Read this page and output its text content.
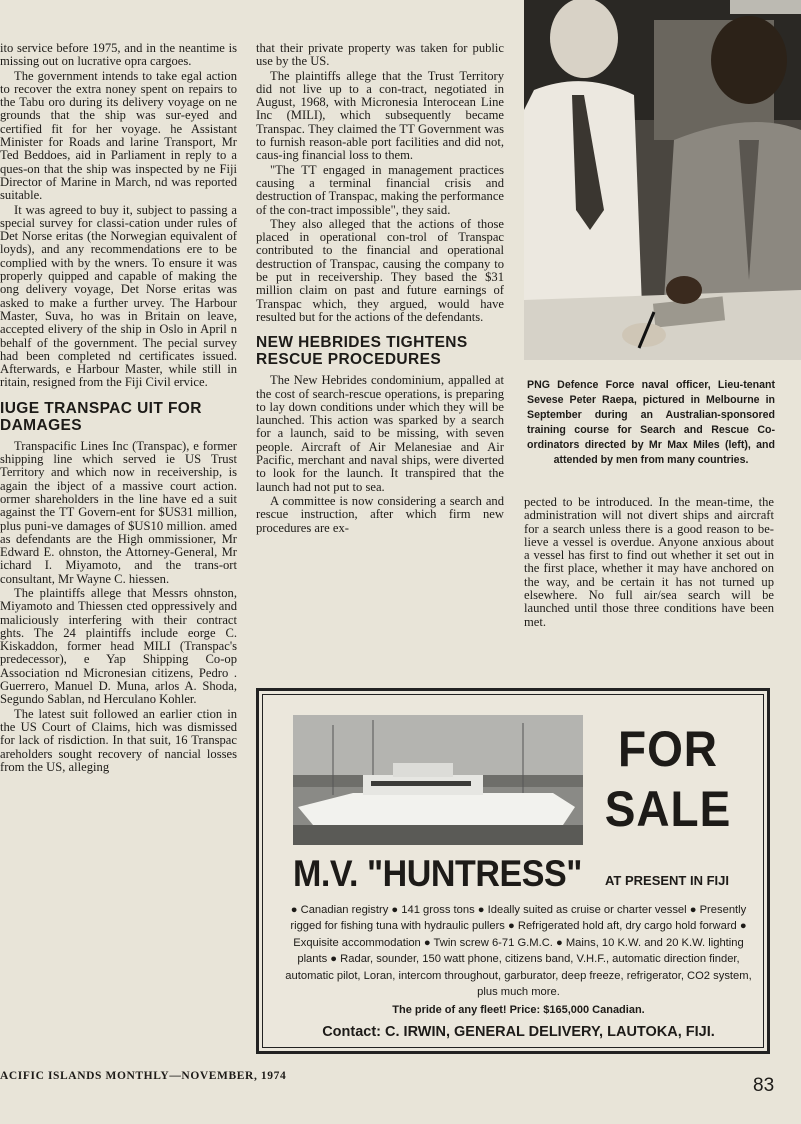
ito service before 1975, and in the neantime is missing out on lucrative opra cargoes.

The government intends to take egal action to recover the extra noney spent on repairs to the Tabu oro during its delivery voyage on ne grounds that the ship was sur-eyed and certified fit for her voyage. he Assistant Minister for Roads and larine Transport, Mr Ted Beddoes, aid in Parliament in reply to a ques-on that the ship was inspected by ne Fiji Director of Marine in March, nd was reported suitable.

It was agreed to buy it, subject to passing a special survey for classi-cation under rules of Det Norse eritas (the Norwegian equivalent of loyds), and any recommendations ere to be complied with by the wners. To ensure it was properly quipped and capable of making the ong delivery voyage, Det Norse eritas was asked to make a further urvey. The Harbour Master, Suva, ho was in Britain on leave, accepted elivery of the ship in Oslo in April n behalf of the government. The pecial survey had been completed nd certificates issued. Afterwards, e Harbour Master, while still in ritain, resigned from the Fiji Civil ervice.

IUGE TRANSPAC UIT FOR DAMAGES

Transpacific Lines Inc (Transpac), e former shipping line which served ie US Trust Territory and which now in receivership, is again the ibject of a massive court action. ormer shareholders in the line have ed a suit against the TT Govern-ent for $US31 million, plus puni-ve damages of $US10 million. amed as defendants are the High ommissioner, Mr Edward E. ohnston, the Attorney-General, Mr ichard I. Miyamoto, and the trans-ort consultant, Mr Wayne C. hiessen.

The plaintiffs allege that Messrs ohnston, Miyamoto and Thiessen cted oppressively and maliciously interfering with their contract ghts. The 24 plaintiffs include eorge C. Kiskaddon, former head MILI (Transpac's predecessor), e Yap Shipping Co-op Association nd Micronesian citizens, Pedro . Guerrero, Manuel D. Muna, arlos A. Shoda, Segundo Sablan, nd Herculano Kohler.

The latest suit followed an earlier ction in the US Court of Claims, hich was dismissed for lack of risdiction. In that suit, 16 Transpac areholders sought recovery of nancial losses from the US, alleging

that their private property was taken for public use by the US.

The plaintiffs allege that the Trust Territory did not live up to a con-tract, negotiated in August, 1968, with Micronesia Interocean Line Inc (MILI), which subsequently became Transpac. They claimed the TT Government was to furnish reason-able port facilities and did not, caus-ing financial loss to them.

"The TT engaged in management practices causing a terminal financial crisis and destruction of Transpac, making the performance of the con-tract impossible", they said.

They also alleged that the actions of those placed in operational con-trol of Transpac contributed to the financial and operational destruction of Transpac, causing the company to be put in receivership. They based the $31 million claim on past and future earnings of Transpac which, they argued, would have resulted but for the actions of the defendants.

NEW HEBRIDES TIGHTENS RESCUE PROCEDURES

The New Hebrides condominium, appalled at the cost of search-rescue operations, is preparing to lay down conditions under which they will be launched. This action was sparked by a search for a launch, said to be missing, with seven people. Aircraft of Air Melanesiae and Air Pacific, merchant and naval ships, were diverted to look for the launch. It transpired that the launch had not put to sea.

A committee is now considering a search and rescue instruction, after which firm new procedures are ex-

PNG Defence Force naval officer, Lieu-tenant Sevese Peter Raepa, pictured in Melbourne in September during an Australian-sponsored training course for Search and Rescue Co-ordinators directed by Mr Max Miles (left), and attended by men from many countries.

pected to be introduced. In the mean-time, the administration will not divert ships and aircraft for a search unless there is a good reason to be-lieve a vessel is overdue. Anyone anxious about a vessel has first to find out whether it set out in the first place, whether it may have anchored on the way, and be certain it has not turned up elsewhere. No full air/sea search will be launched until those three conditions have been met.

FOR
SALE
M.V. "HUNTRESS" AT PRESENT IN FIJI
● Canadian registry ● 141 gross tons ● Ideally suited as cruise or charter vessel ● Presently rigged for fishing tuna with hydraulic pullers ● Refrigerated hold aft, dry cargo hold forward ● Exquisite accommodation ● Twin screw 6-71 G.M.C. ● Mains, 10 K.W. and 20 K.W. lighting plants ● Radar, sounder, 150 watt phone, citizens band, V.H.F., automatic direction finder, automatic pilot, Loran, intercom throughout, garburator, deep freeze, refrigerator, CO2 system, plus much more.
The pride of any fleet! Price: $165,000 Canadian.
Contact: C. IRWIN, GENERAL DELIVERY, LAUTOKA, FIJI.
ACIFIC ISLANDS MONTHLY—NOVEMBER, 1974	83
